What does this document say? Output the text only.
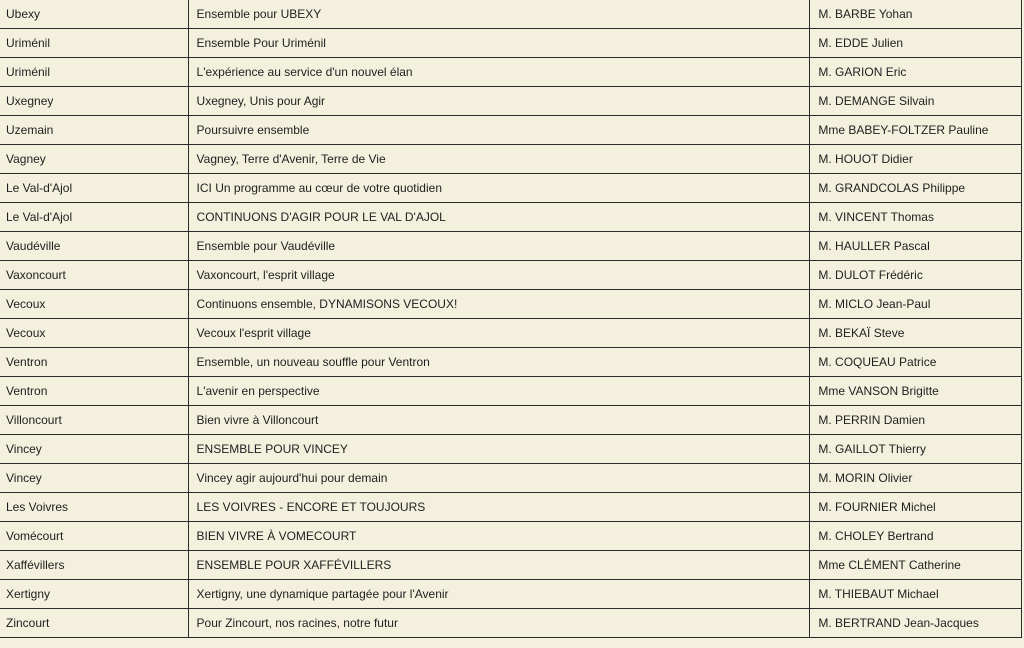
Ubexy	Ensemble pour UBEXY	M. BARBE Yohan
Uriménil	Ensemble Pour Uriménil	M. EDDE Julien
Uriménil	L'expérience au service d'un nouvel élan	M. GARION Eric
Uxegney	Uxegney, Unis pour Agir	M. DEMANGE Silvain
Uzemain	Poursuivre ensemble	Mme BABEY-FOLTZER Pauline
Vagney	Vagney, Terre d'Avenir, Terre de Vie	M. HOUOT Didier
Le Val-d'Ajol	ICI Un programme au cœur de votre quotidien	M. GRANDCOLAS Philippe
Le Val-d'Ajol	CONTINUONS D'AGIR POUR LE VAL D'AJOL	M. VINCENT Thomas
Vaudéville	Ensemble pour Vaudéville	M. HAULLER Pascal
Vaxoncourt	Vaxoncourt, l'esprit village	M. DULOT Frédéric
Vecoux	Continuons ensemble, DYNAMISONS VECOUX!	M. MICLO Jean-Paul
Vecoux	Vecoux l'esprit village	M. BEKAÏ Steve
Ventron	Ensemble, un nouveau souffle pour Ventron	M. COQUEAU Patrice
Ventron	L'avenir en perspective	Mme VANSON Brigitte
Villoncourt	Bien vivre à Villoncourt	M. PERRIN Damien
Vincey	ENSEMBLE POUR VINCEY	M. GAILLOT Thierry
Vincey	Vincey agir aujourd'hui pour demain	M. MORIN Olivier
Les Voivres	LES VOIVRES - ENCORE ET TOUJOURS	M. FOURNIER Michel
Vomécourt	BIEN VIVRE À VOMECOURT	M. CHOLEY Bertrand
Xaffévillers	ENSEMBLE POUR XAFFÉVILLERS	Mme CLÉMENT Catherine
Xertigny	Xertigny, une dynamique partagée pour l'Avenir	M. THIEBAUT Michael
Zincourt	Pour Zincourt, nos racines, notre futur	M. BERTRAND Jean-Jacques
